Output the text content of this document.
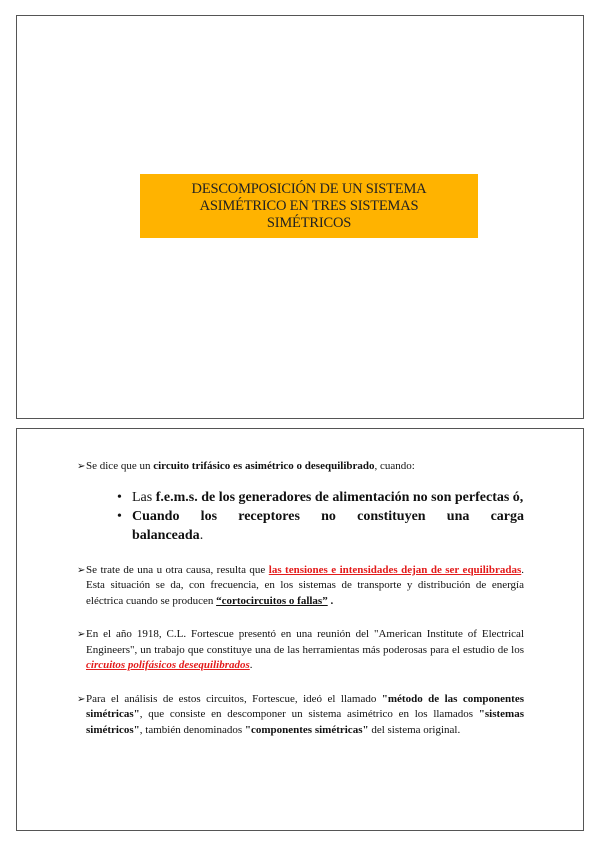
DESCOMPOSICIÓN DE UN SISTEMA
ASIMÉTRICO EN TRES SISTEMAS
SIMÉTRICOS
➢ Se dice que un circuito trifásico es asimétrico o desequilibrado, cuando:
• Las f.e.m.s. de los generadores de alimentación no son perfectas ó,
• Cuando los receptores no constituyen una carga
balanceada.
➢ Se trate de una u otra causa, resulta que las tensiones e intensidades dejan de ser equilibradas. Esta situación se da, con frecuencia, en los sistemas de transporte y distribución de energía eléctrica cuando se producen “cortocircuitos o fallas” .
➢ En el año 1918, C.L. Fortescue presentó en una reunión del "American Institute of Electrical Engineers", un trabajo que constituye una de las herramientas más poderosas para el estudio de los circuitos polifásicos desequilibrados.
➢ Para el análisis de estos circuitos, Fortescue, ideó el llamado "método de las componentes simétricas", que consiste en descomponer un sistema asimétrico en los llamados "sistemas simétricos", también denominados "componentes simétricas" del sistema original.
